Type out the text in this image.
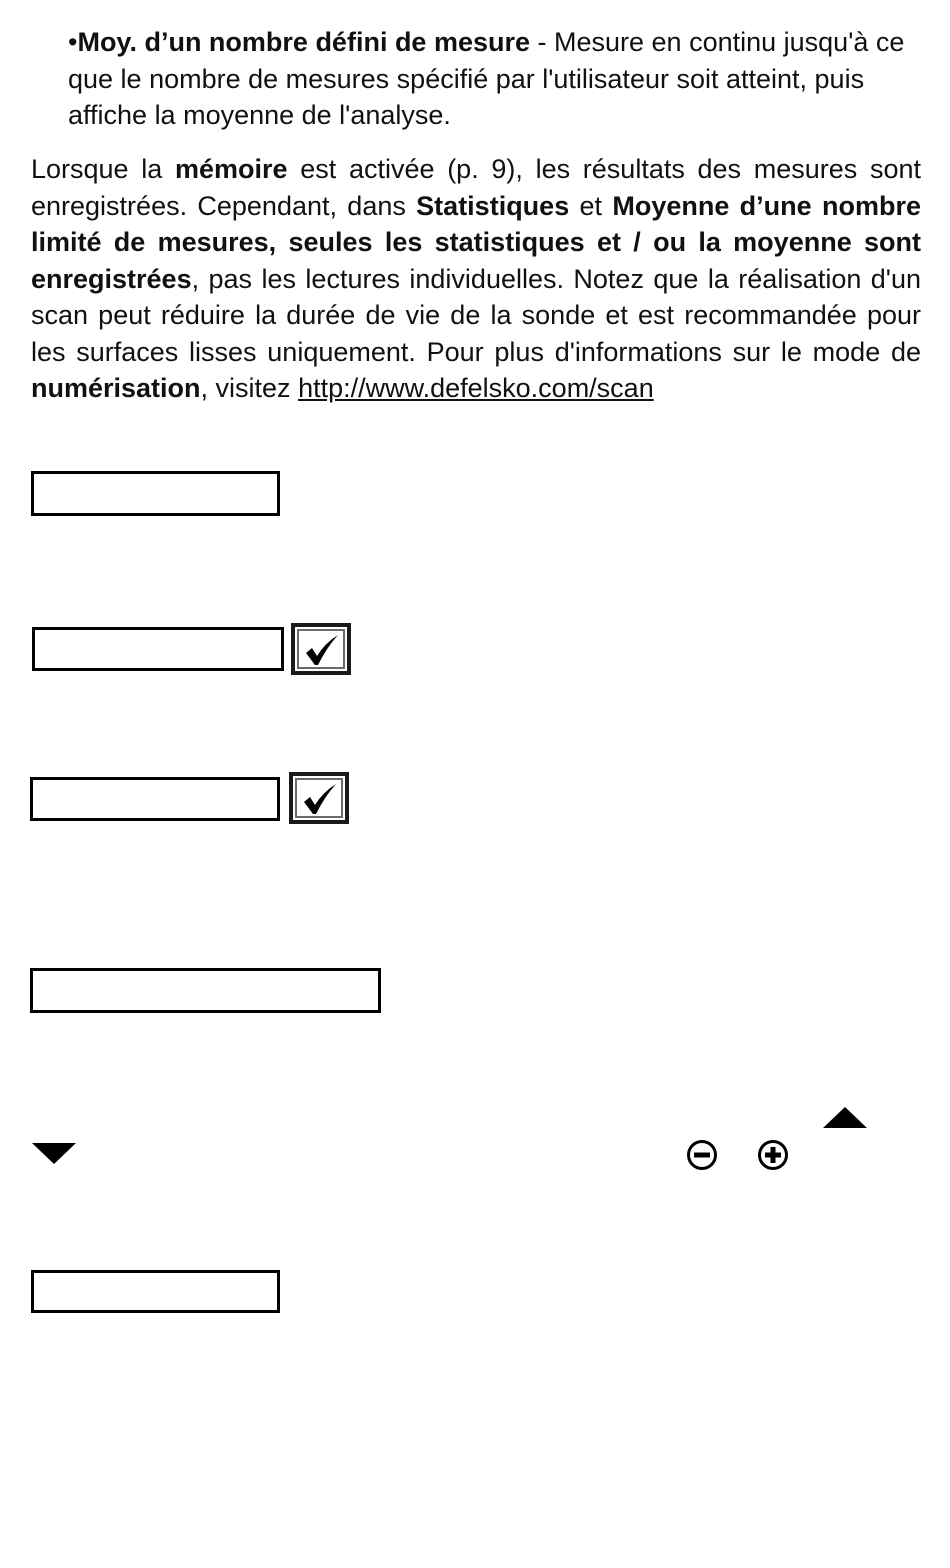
•Moy. d’un nombre défini de mesure - Mesure en continu jusqu'à ce que le nombre de mesures spécifié par l'utilisateur soit atteint, puis affiche la moyenne de l'analyse.
Lorsque la mémoire est activée (p. 9), les résultats des mesures sont enregistrées. Cependant, dans Statistiques et Moyenne d’une nombre limité de mesures, seules les statistiques et / ou la moyenne sont enregistrées, pas les lectures individuelles. Notez que la réalisation d'un scan peut réduire la durée de vie de la sonde et est recommandée pour les surfaces lisses uniquement. Pour plus d'informations sur le mode de numérisation, visitez http://www.defelsko.com/scan
